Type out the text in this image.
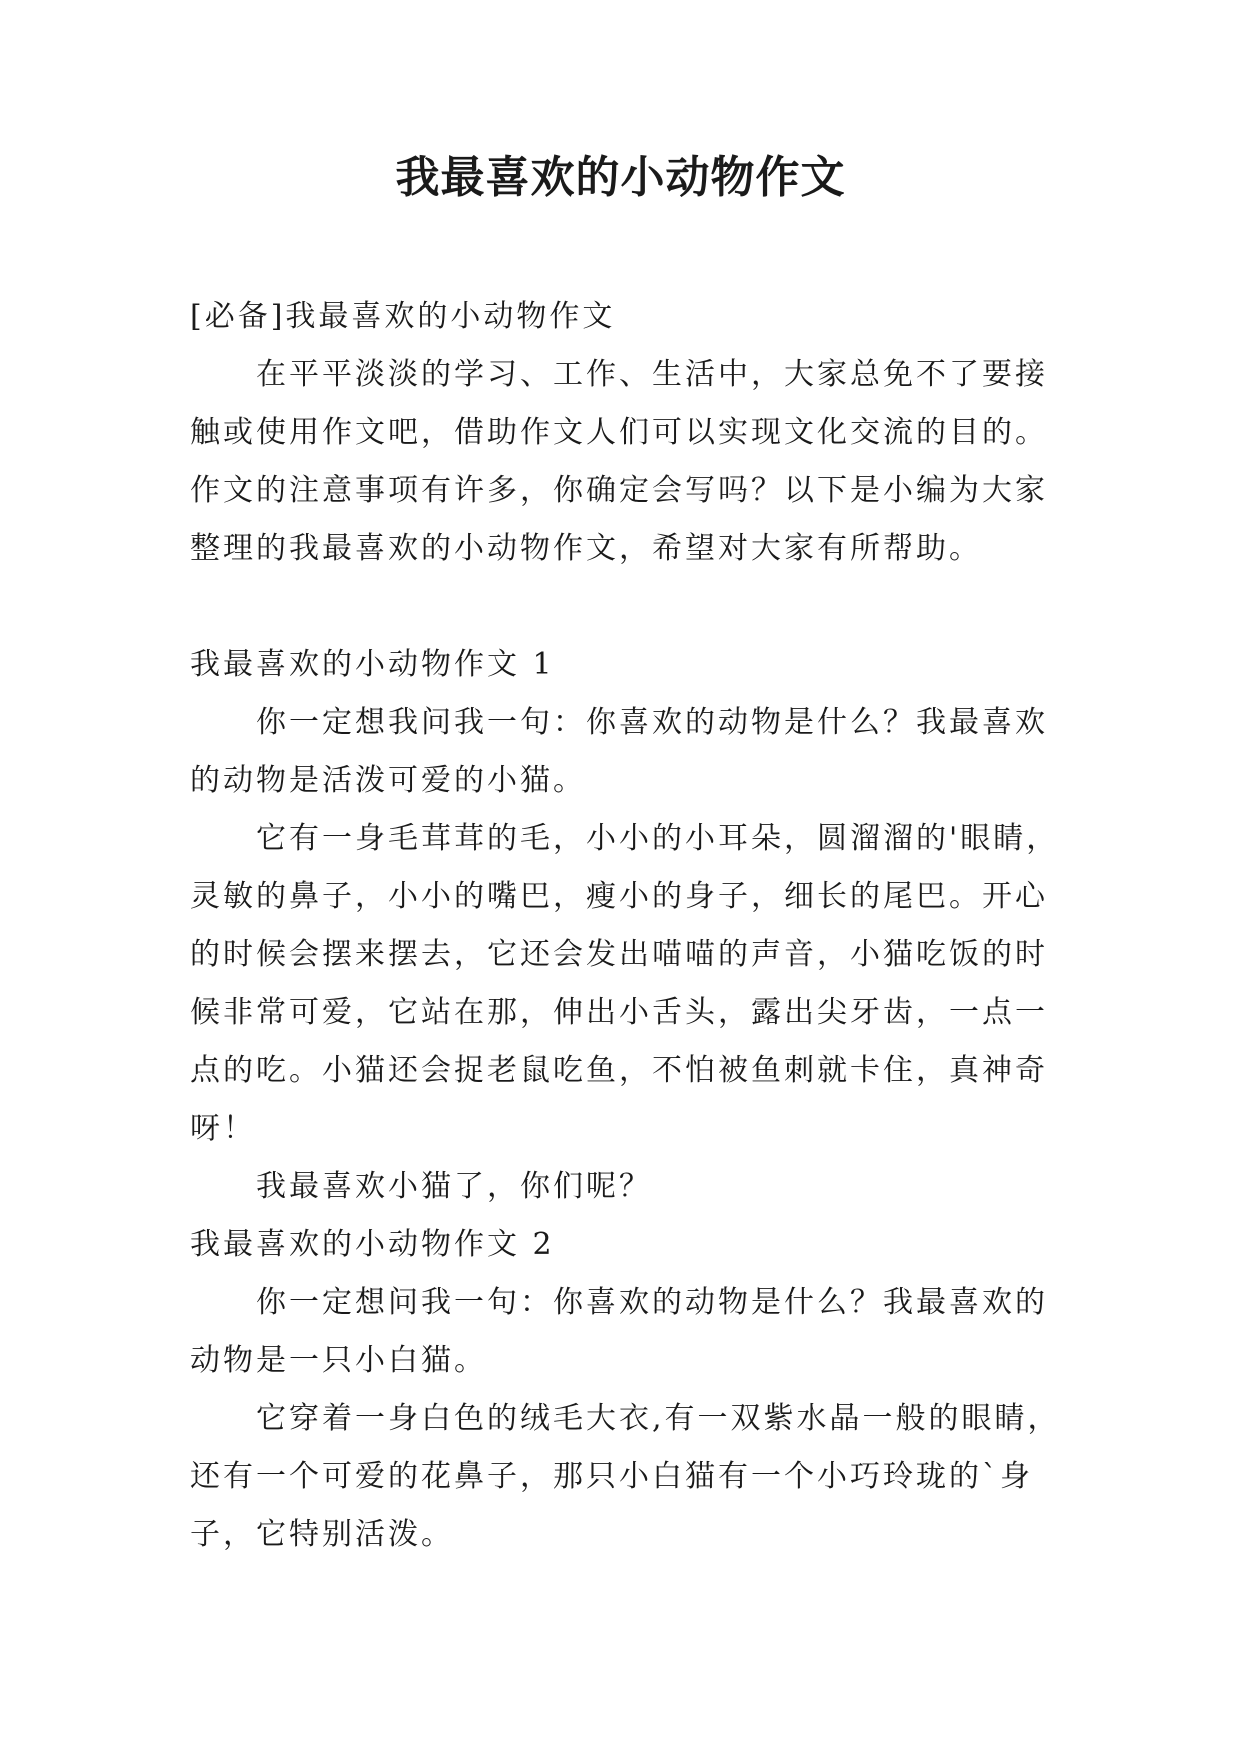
我最喜欢的小动物作文

[必备]我最喜欢的小动物作文

在平平淡淡的学习、工作、生活中，大家总免不了要接触或使用作文吧，借助作文人们可以实现文化交流的目的。作文的注意事项有许多，你确定会写吗？以下是小编为大家整理的我最喜欢的小动物作文，希望对大家有所帮助。

我最喜欢的小动物作文 1

你一定想我问我一句：你喜欢的动物是什么？我最喜欢的动物是活泼可爱的小猫。

它有一身毛茸茸的毛，小小的小耳朵，圆溜溜的'眼睛，灵敏的鼻子，小小的嘴巴，瘦小的身子，细长的尾巴。开心的时候会摆来摆去，它还会发出喵喵的声音，小猫吃饭的时候非常可爱，它站在那，伸出小舌头，露出尖牙齿，一点一点的吃。小猫还会捉老鼠吃鱼，不怕被鱼刺就卡住，真神奇呀！

我最喜欢小猫了，你们呢？

我最喜欢的小动物作文 2

你一定想问我一句：你喜欢的动物是什么？我最喜欢的动物是一只小白猫。

它穿着一身白色的绒毛大衣,有一双紫水晶一般的眼睛，还有一个可爱的花鼻子，那只小白猫有一个小巧玲珑的`身子，它特别活泼。
